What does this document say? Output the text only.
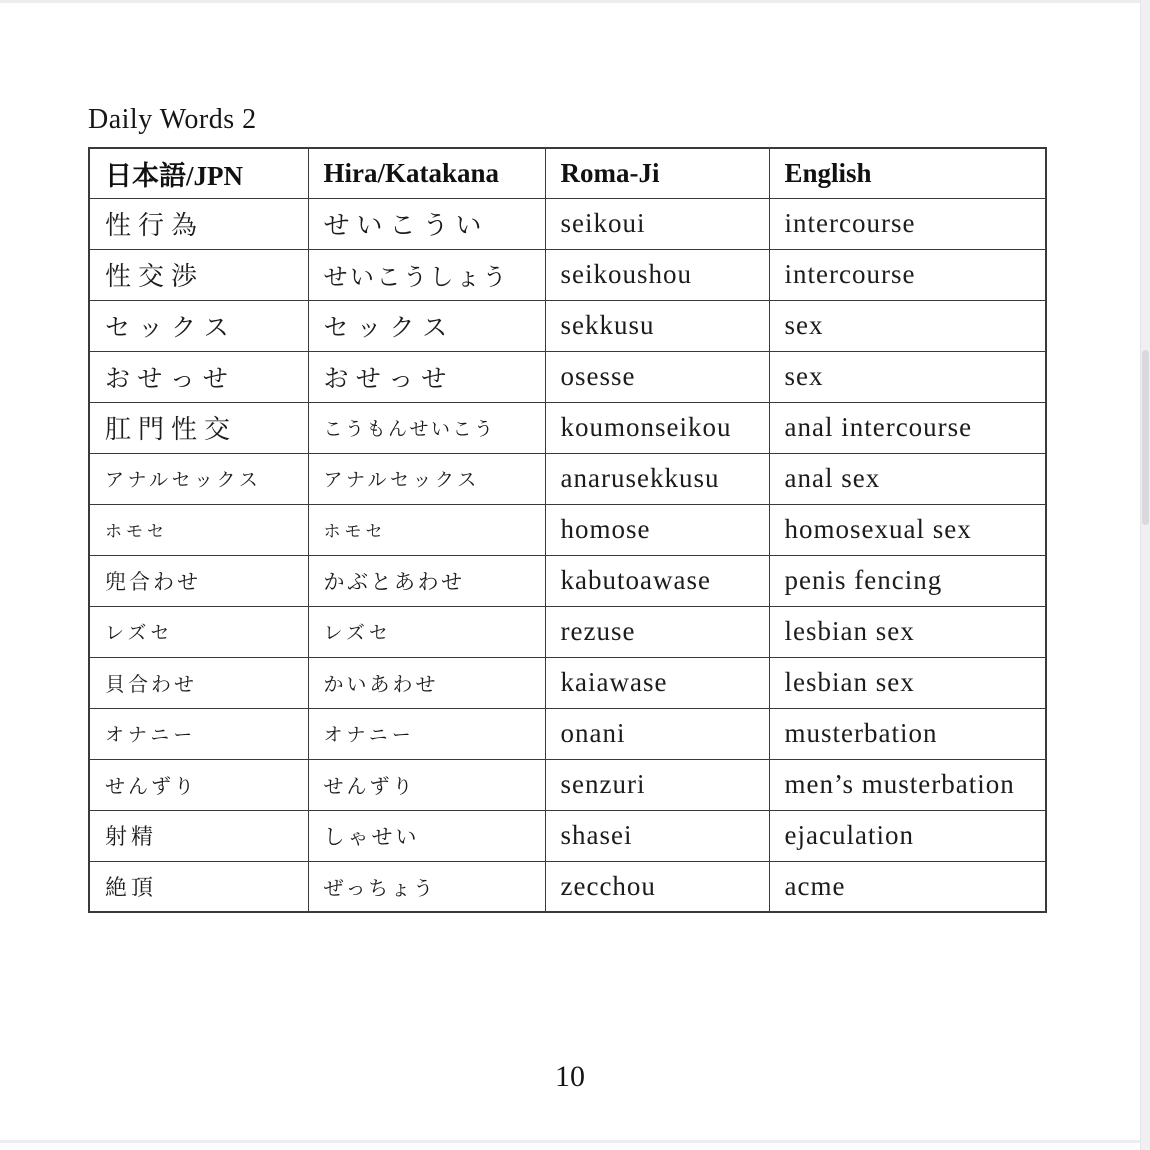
Daily Words 2
日本語/JPN	Hira/Katakana	Roma-Ji	English
性行為	せいこうい	seikoui	intercourse
性交渉	せいこうしょう	seikoushou	intercourse
セックス	セックス	sekkusu	sex
おせっせ	おせっせ	osesse	sex
肛門性交	こうもんせいこう	koumonseikou	anal intercourse
アナルセックス	アナルセックス	anarusekkusu	anal sex
ホモセ	ホモセ	homose	homosexual sex
兜合わせ	かぶとあわせ	kabutoawase	penis fencing
レズセ	レズセ	rezuse	lesbian sex
貝合わせ	かいあわせ	kaiawase	lesbian sex
オナニー	オナニー	onani	musterbation
せんずり	せんずり	senzuri	men’s musterbation
射精	しゃせい	shasei	ejaculation
絶頂	ぜっちょう	zecchou	acme
10
